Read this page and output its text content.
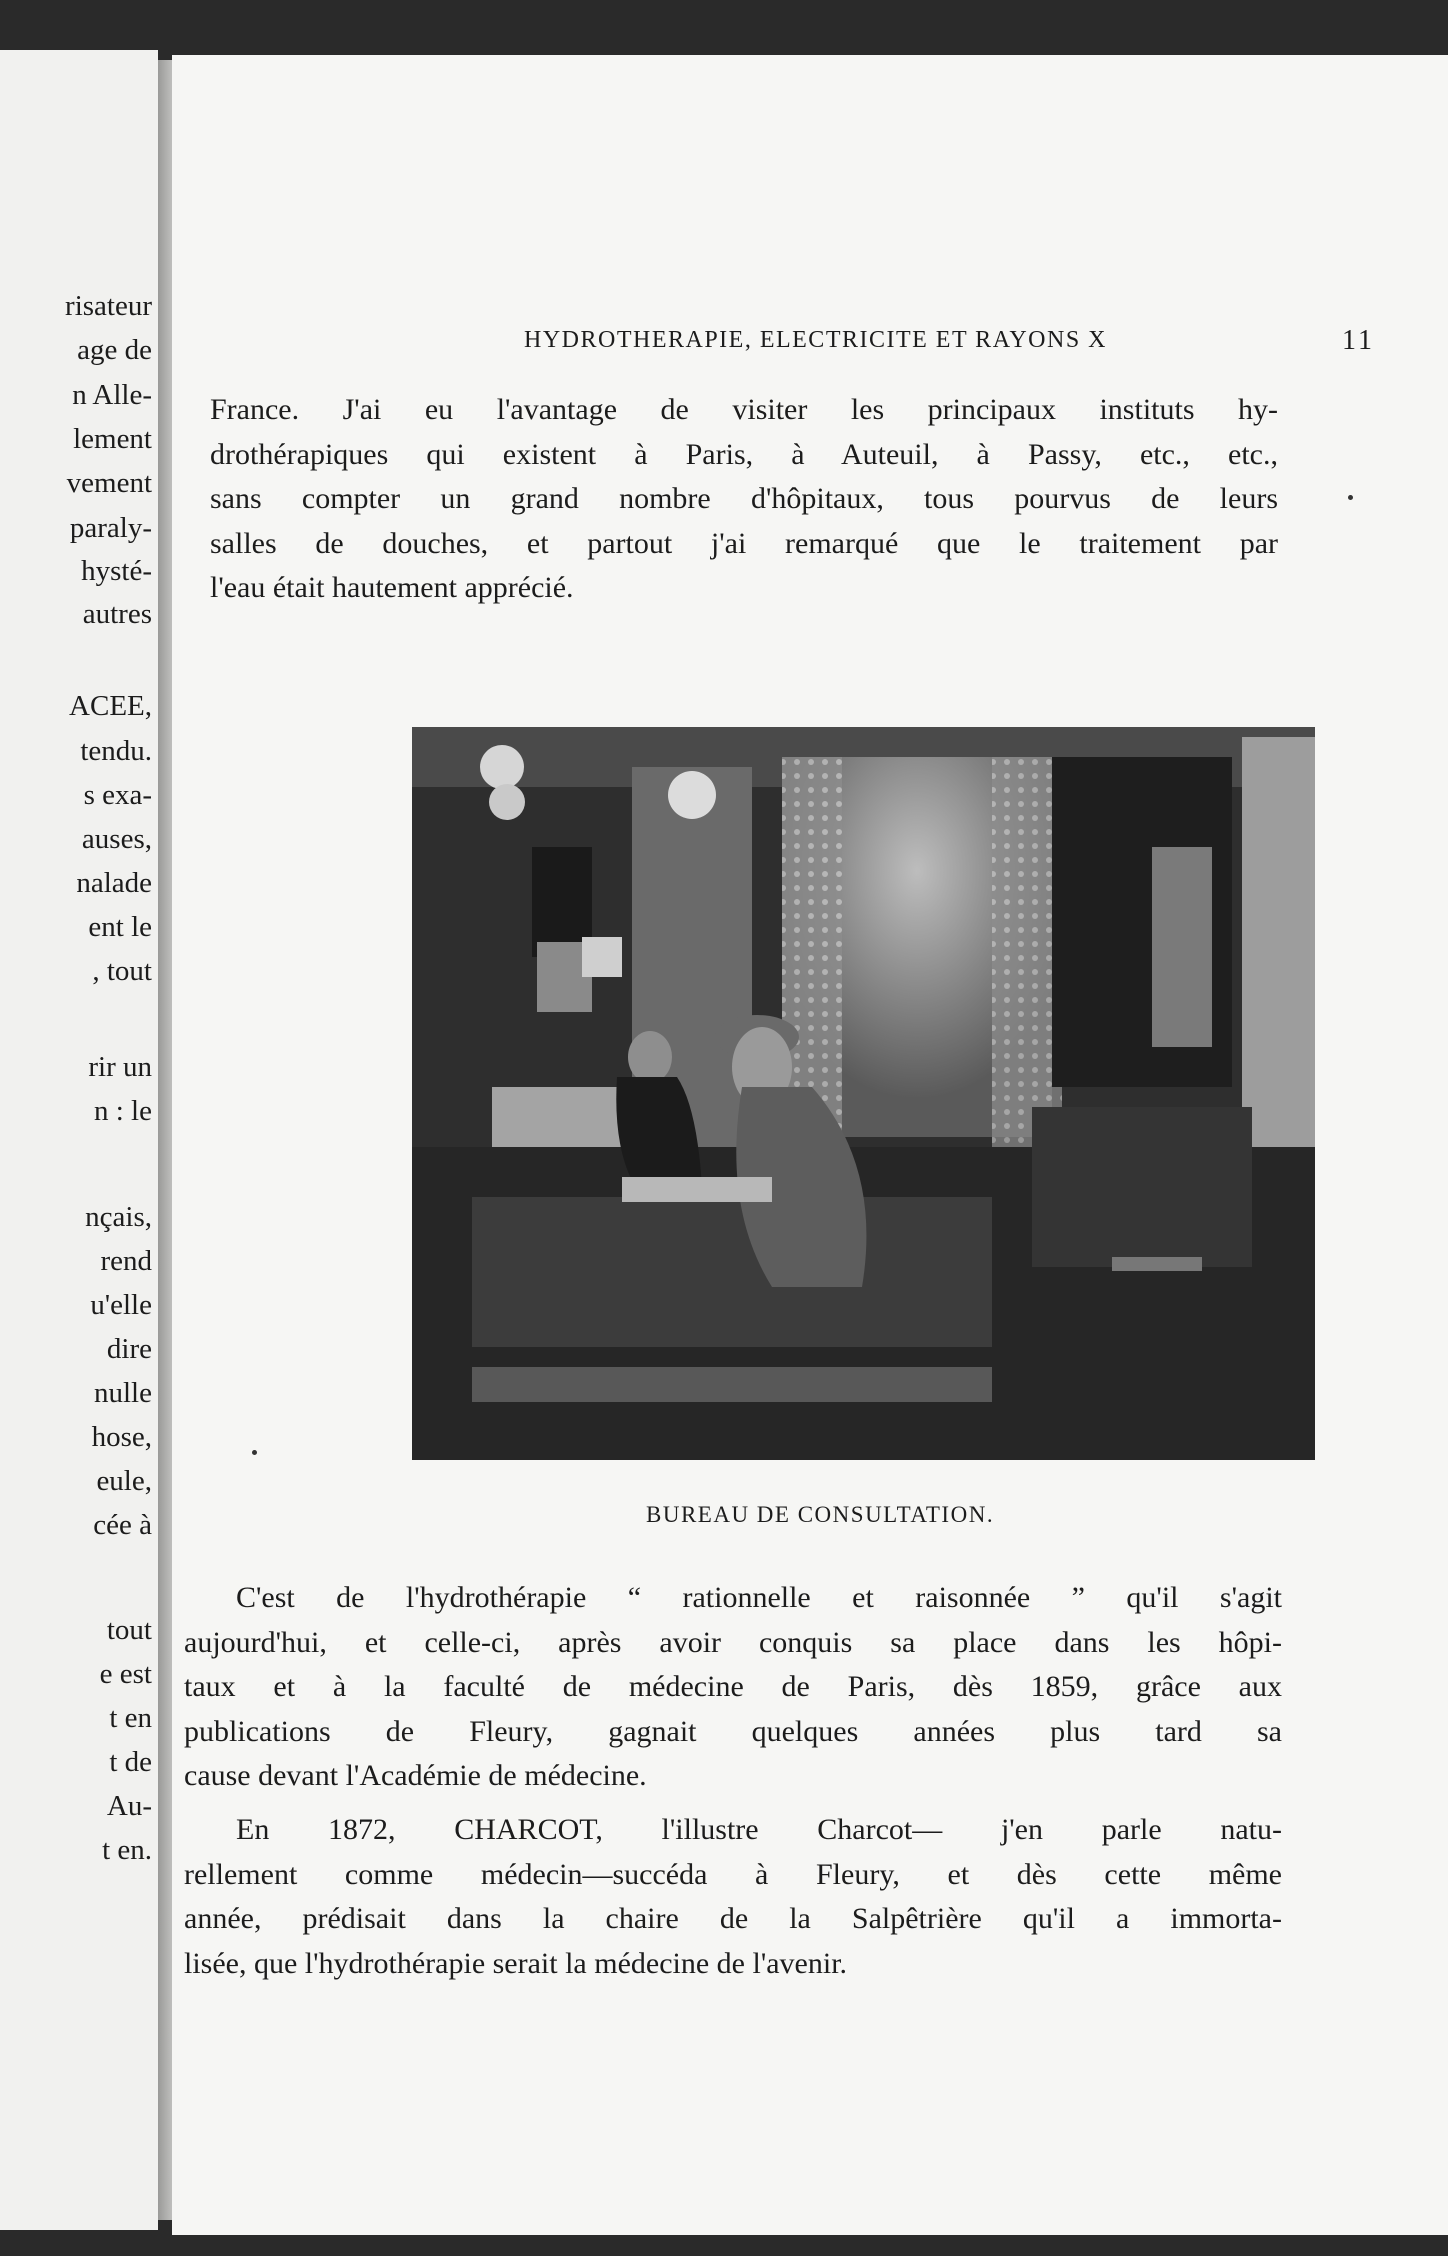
risateur
age de
n Alle-
lement
vement
paraly-
hysté-
autres
ACEE,
tendu.
s exa-
auses,
nalade
ent le
, tout
rir un
n : le
nçais,
rend
u'elle
dire
nulle
hose,
eule,
cée à
tout
e est
t en
t de
Au-
t en.
HYDROTHERAPIE, ELECTRICITE ET RAYONS X	11
France. J'ai eu l'avantage de visiter les principaux instituts hy-
drothérapiques qui existent à Paris, à Auteuil, à Passy, etc., etc.,
sans compter un grand nombre d'hôpitaux, tous pourvus de leurs
salles de douches, et partout j'ai remarqué que le traitement par
l'eau était hautement apprécié.
BUREAU DE CONSULTATION.
C'est de l'hydrothérapie “ rationnelle et raisonnée ” qu'il s'agit
aujourd'hui, et celle-ci, après avoir conquis sa place dans les hôpi-
taux et à la faculté de médecine de Paris, dès 1859, grâce aux
publications de Fleury, gagnait quelques années plus tard sa
cause devant l'Académie de médecine.
En 1872, CHARCOT, l'illustre Charcot— j'en parle natu-
rellement comme médecin—succéda à Fleury, et dès cette même
année, prédisait dans la chaire de la Salpêtrière qu'il a immorta-
lisée, que l'hydrothérapie serait la médecine de l'avenir.
